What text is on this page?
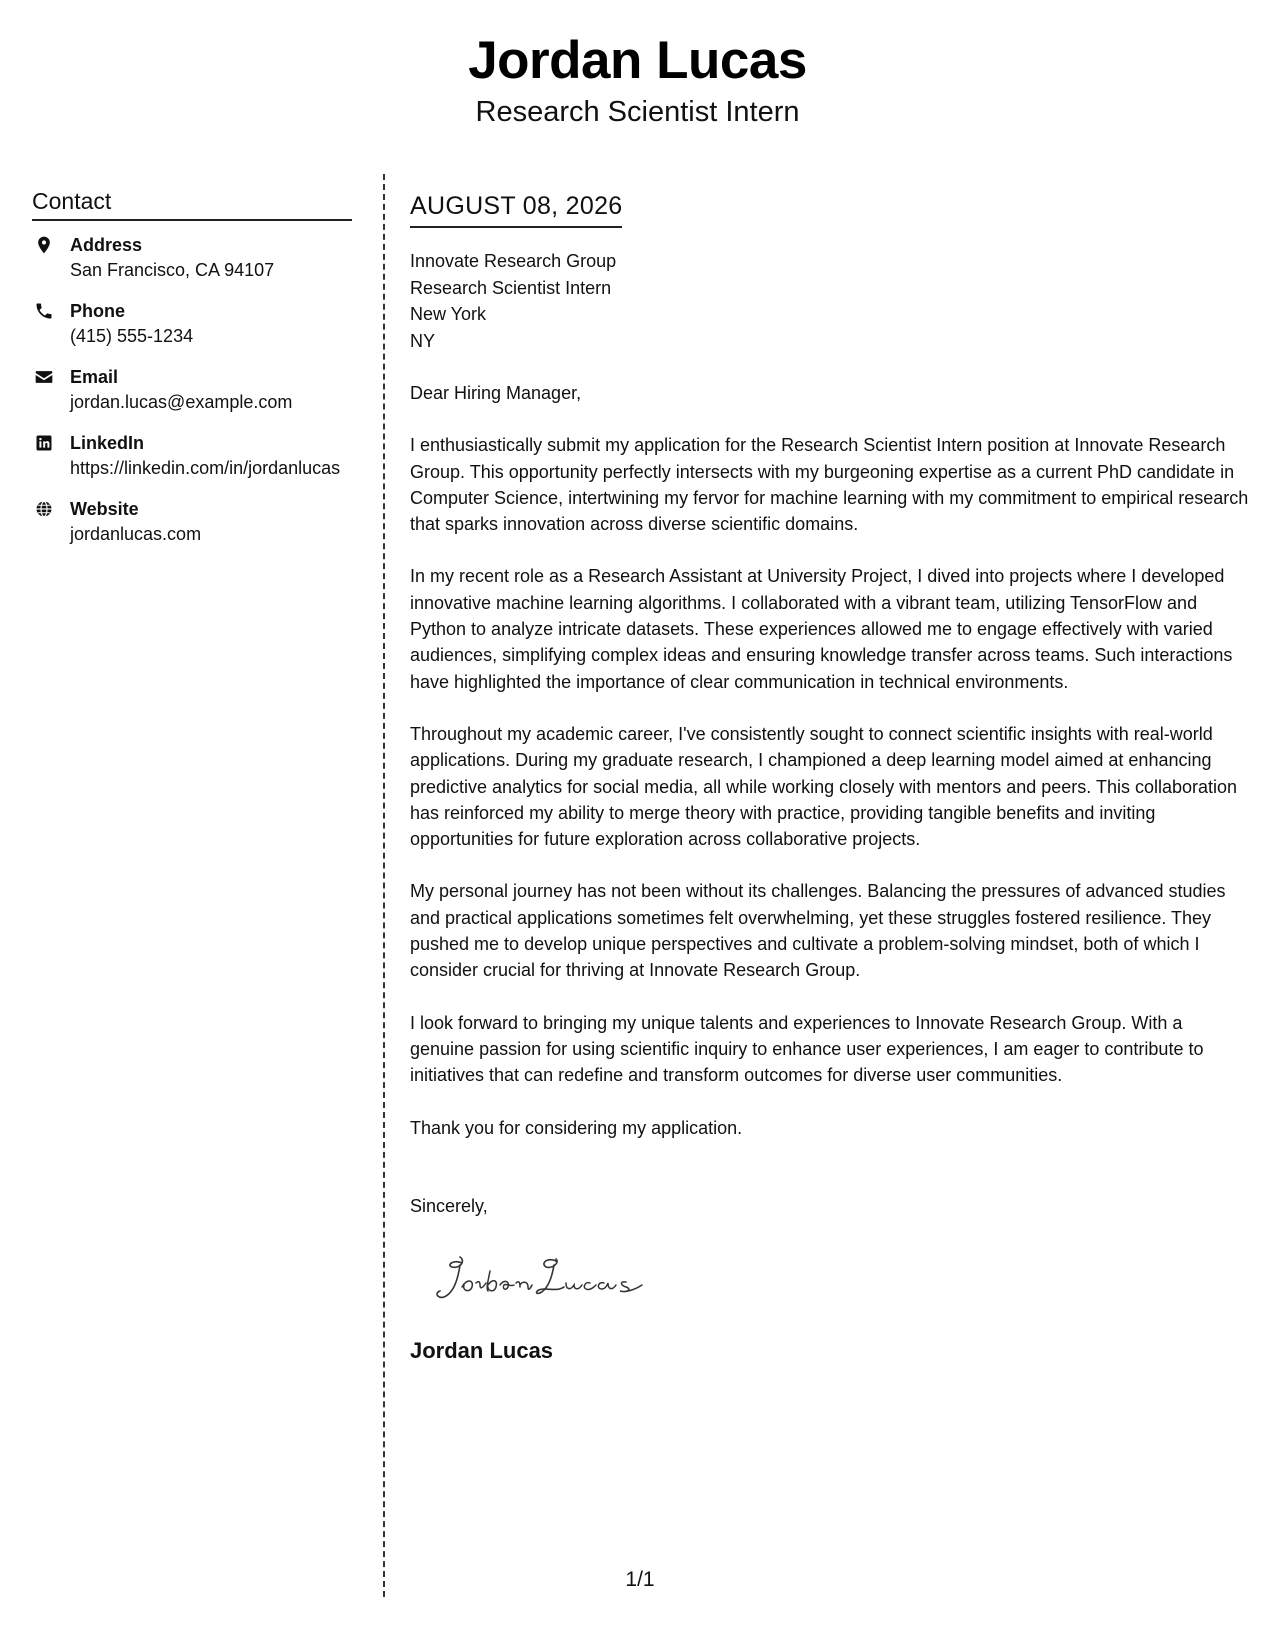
Jordan Lucas
Research Scientist Intern
Contact
Address
San Francisco, CA 94107
Phone
(415) 555-1234
Email
jordan.lucas@example.com
LinkedIn
https://linkedin.com/in/jordanlucas
Website
jordanlucas.com
AUGUST 08, 2026
Innovate Research Group
Research Scientist Intern
New York
NY
Dear Hiring Manager,
I enthusiastically submit my application for the Research Scientist Intern position at Innovate Research Group. This opportunity perfectly intersects with my burgeoning expertise as a current PhD candidate in Computer Science, intertwining my fervor for machine learning with my commitment to empirical research that sparks innovation across diverse scientific domains.
In my recent role as a Research Assistant at University Project, I dived into projects where I developed innovative machine learning algorithms. I collaborated with a vibrant team, utilizing TensorFlow and Python to analyze intricate datasets. These experiences allowed me to engage effectively with varied audiences, simplifying complex ideas and ensuring knowledge transfer across teams. Such interactions have highlighted the importance of clear communication in technical environments.
Throughout my academic career, I've consistently sought to connect scientific insights with real-world applications. During my graduate research, I championed a deep learning model aimed at enhancing predictive analytics for social media, all while working closely with mentors and peers. This collaboration has reinforced my ability to merge theory with practice, providing tangible benefits and inviting opportunities for future exploration across collaborative projects.
My personal journey has not been without its challenges. Balancing the pressures of advanced studies and practical applications sometimes felt overwhelming, yet these struggles fostered resilience. They pushed me to develop unique perspectives and cultivate a problem-solving mindset, both of which I consider crucial for thriving at Innovate Research Group.
I look forward to bringing my unique talents and experiences to Innovate Research Group. With a genuine passion for using scientific inquiry to enhance user experiences, I am eager to contribute to initiatives that can redefine and transform outcomes for diverse user communities.
Thank you for considering my application.
Sincerely,
Jordan Lucas
1/1
